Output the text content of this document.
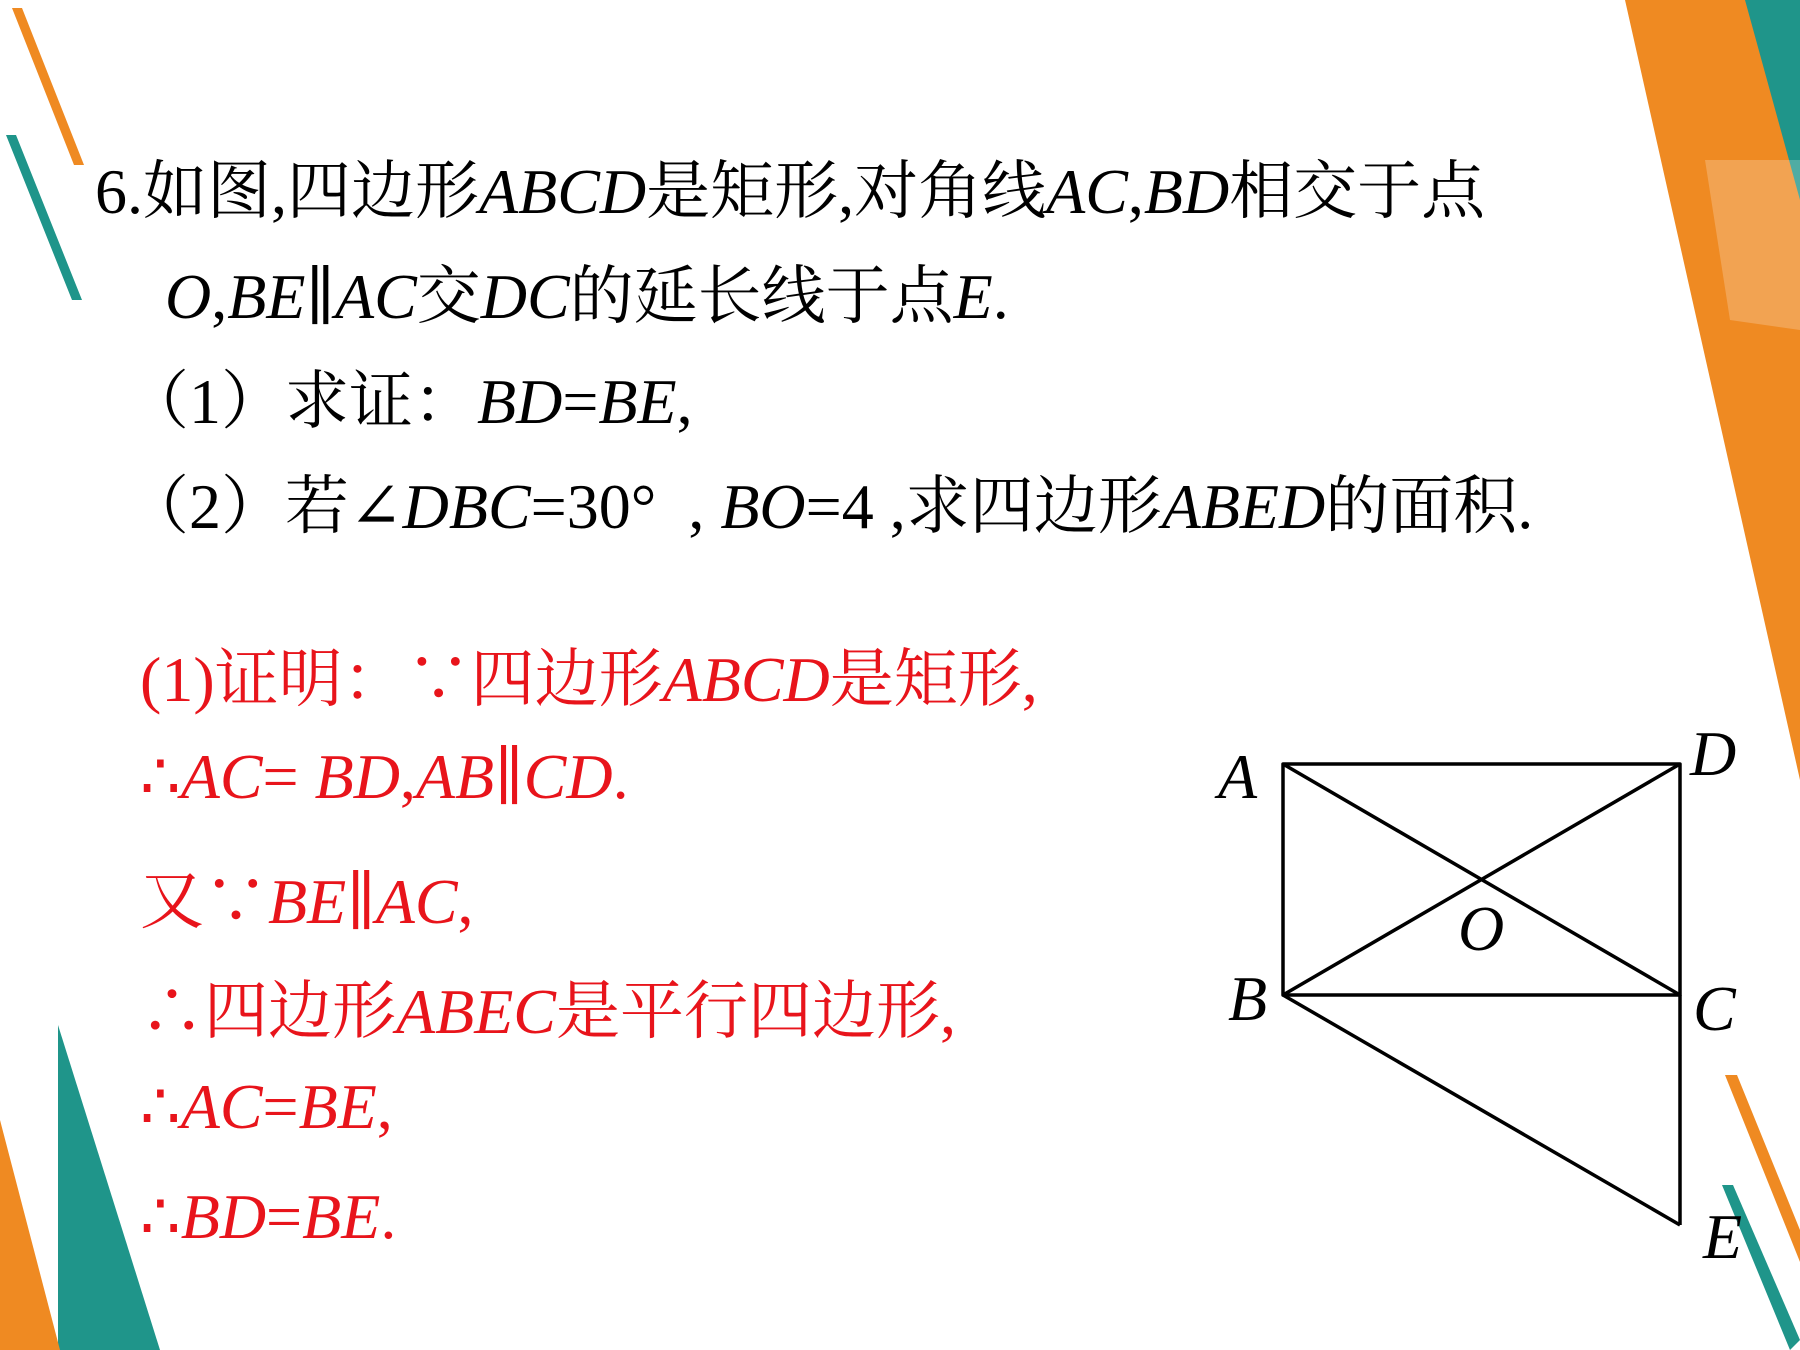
6.如图,四边形ABCD是矩形,对角线AC,BD相交于点
O,BE∥AC交DC的延长线于点E.
（1）求证：BD=BE,
（2）若∠DBC=30°  , BO=4 ,求四边形ABED的面积.
(1)证明：∵四边形ABCD是矩形,
∴AC= BD,AB∥CD.
又∵BE∥AC,
∴四边形ABEC是平行四边形,
∴AC=BE,
∴BD=BE.
A	D
O
B	C
E
